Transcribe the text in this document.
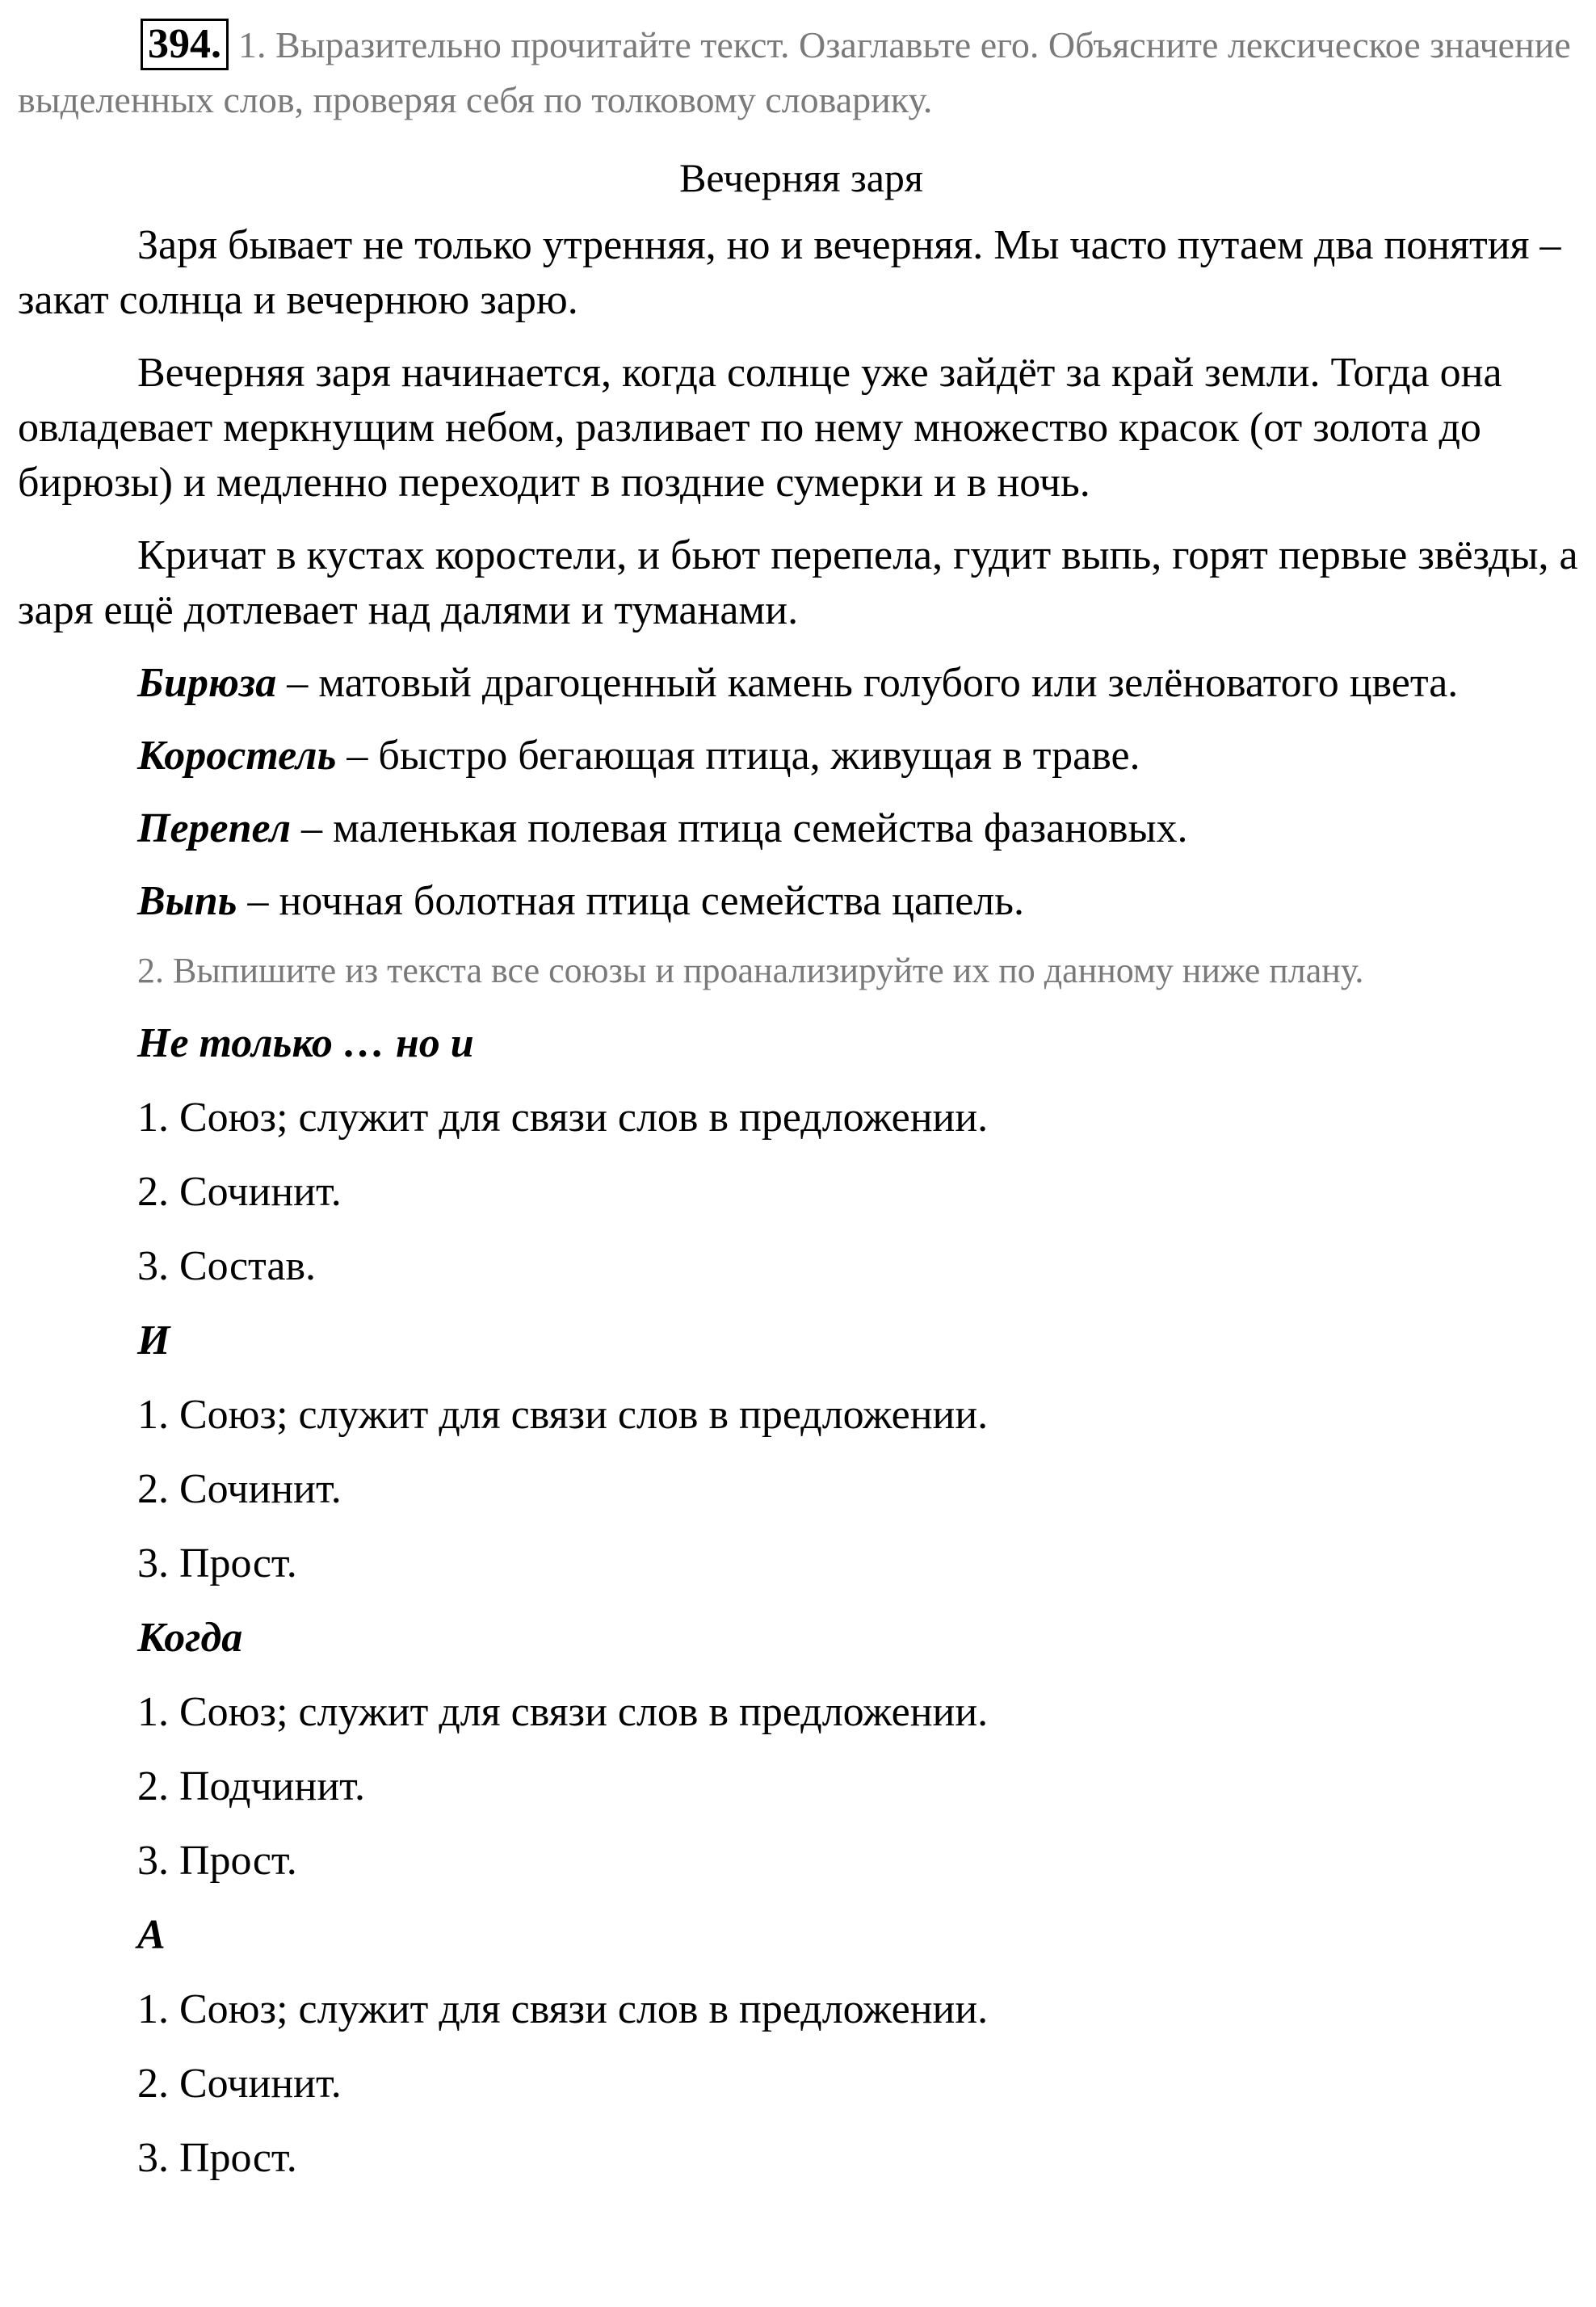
394. 1. Выразительно прочитайте текст. Озаглавьте его. Объясните лексическое значение выделенных слов, проверяя себя по толковому словарику.
Вечерняя заря

Заря бывает не только утренняя, но и вечерняя. Мы часто путаем два понятия – закат солнца и вечернюю зарю.

Вечерняя заря начинается, когда солнце уже зайдёт за край земли. Тогда она овладевает меркнущим небом, разливает по нему множество красок (от золота до бирюзы) и медленно переходит в поздние сумерки и в ночь.

Кричат в кустах коростели, и бьют перепела, гудит выпь, горят первые звёзды, а заря ещё дотлевает над далями и туманами.

Бирюза – матовый драгоценный камень голубого или зелёноватого цвета.

Коростель – быстро бегающая птица, живущая в траве.

Перепел – маленькая полевая птица семейства фазановых.

Выпь – ночная болотная птица семейства цапель.

2. Выпишите из текста все союзы и проанализируйте их по данному ниже плану.

Не только … но и

1. Союз; служит для связи слов в предложении.

2. Сочинит.

3. Состав.

И

1. Союз; служит для связи слов в предложении.

2. Сочинит.

3. Прост.

Когда

1. Союз; служит для связи слов в предложении.

2. Подчинит.

3. Прост.

А

1. Союз; служит для связи слов в предложении.

2. Сочинит.

3. Прост.
